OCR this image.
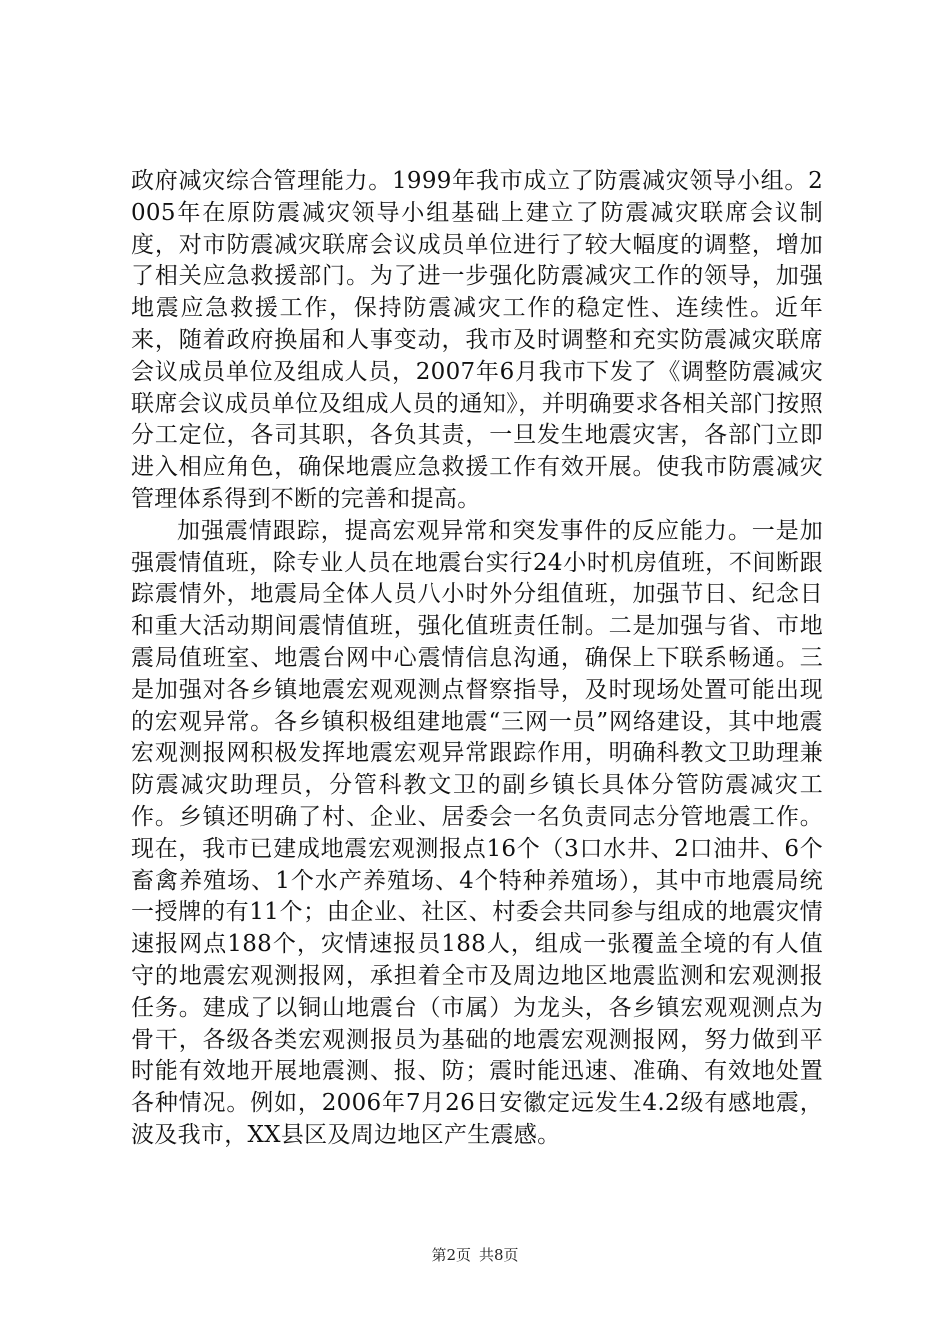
政府减灾综合管理能力。1999年我市成立了防震减灾领导小组。2005年在原防震减灾领导小组基础上建立了防震减灾联席会议制度，对市防震减灾联席会议成员单位进行了较大幅度的调整，增加了相关应急救援部门。为了进一步强化防震减灾工作的领导，加强地震应急救援工作，保持防震减灾工作的稳定性、连续性。近年来，随着政府换届和人事变动，我市及时调整和充实防震减灾联席会议成员单位及组成人员，2007年6月我市下发了《调整防震减灾联席会议成员单位及组成人员的通知》，并明确要求各相关部门按照分工定位，各司其职，各负其责，一旦发生地震灾害，各部门立即进入相应角色，确保地震应急救援工作有效开展。使我市防震减灾管理体系得到不断的完善和提高。

加强震情跟踪，提高宏观异常和突发事件的反应能力。一是加强震情值班，除专业人员在地震台实行24小时机房值班，不间断跟踪震情外，地震局全体人员八小时外分组值班，加强节日、纪念日和重大活动期间震情值班，强化值班责任制。二是加强与省、市地震局值班室、地震台网中心震情信息沟通，确保上下联系畅通。三是加强对各乡镇地震宏观观测点督察指导，及时现场处置可能出现的宏观异常。各乡镇积极组建地震“三网一员”网络建设，其中地震宏观测报网积极发挥地震宏观异常跟踪作用，明确科教文卫助理兼防震减灾助理员，分管科教文卫的副乡镇长具体分管防震减灾工作。乡镇还明确了村、企业、居委会一名负责同志分管地震工作。现在，我市已建成地震宏观测报点16个（3口水井、2口油井、6个畜禽养殖场、1个水产养殖场、4个特种养殖场），其中市地震局统一授牌的有11个；由企业、社区、村委会共同参与组成的地震灾情速报网点188个，灾情速报员188人，组成一张覆盖全境的有人值守的地震宏观测报网，承担着全市及周边地区地震监测和宏观测报任务。建成了以铜山地震台（市属）为龙头，各乡镇宏观观测点为骨干，各级各类宏观测报员为基础的地震宏观测报网，努力做到平时能有效地开展地震测、报、防；震时能迅速、准确、有效地处置各种情况。例如，2006年7月26日安徽定远发生4.2级有感地震，波及我市，XX县区及周边地区产生震感。

第2页 共8页
